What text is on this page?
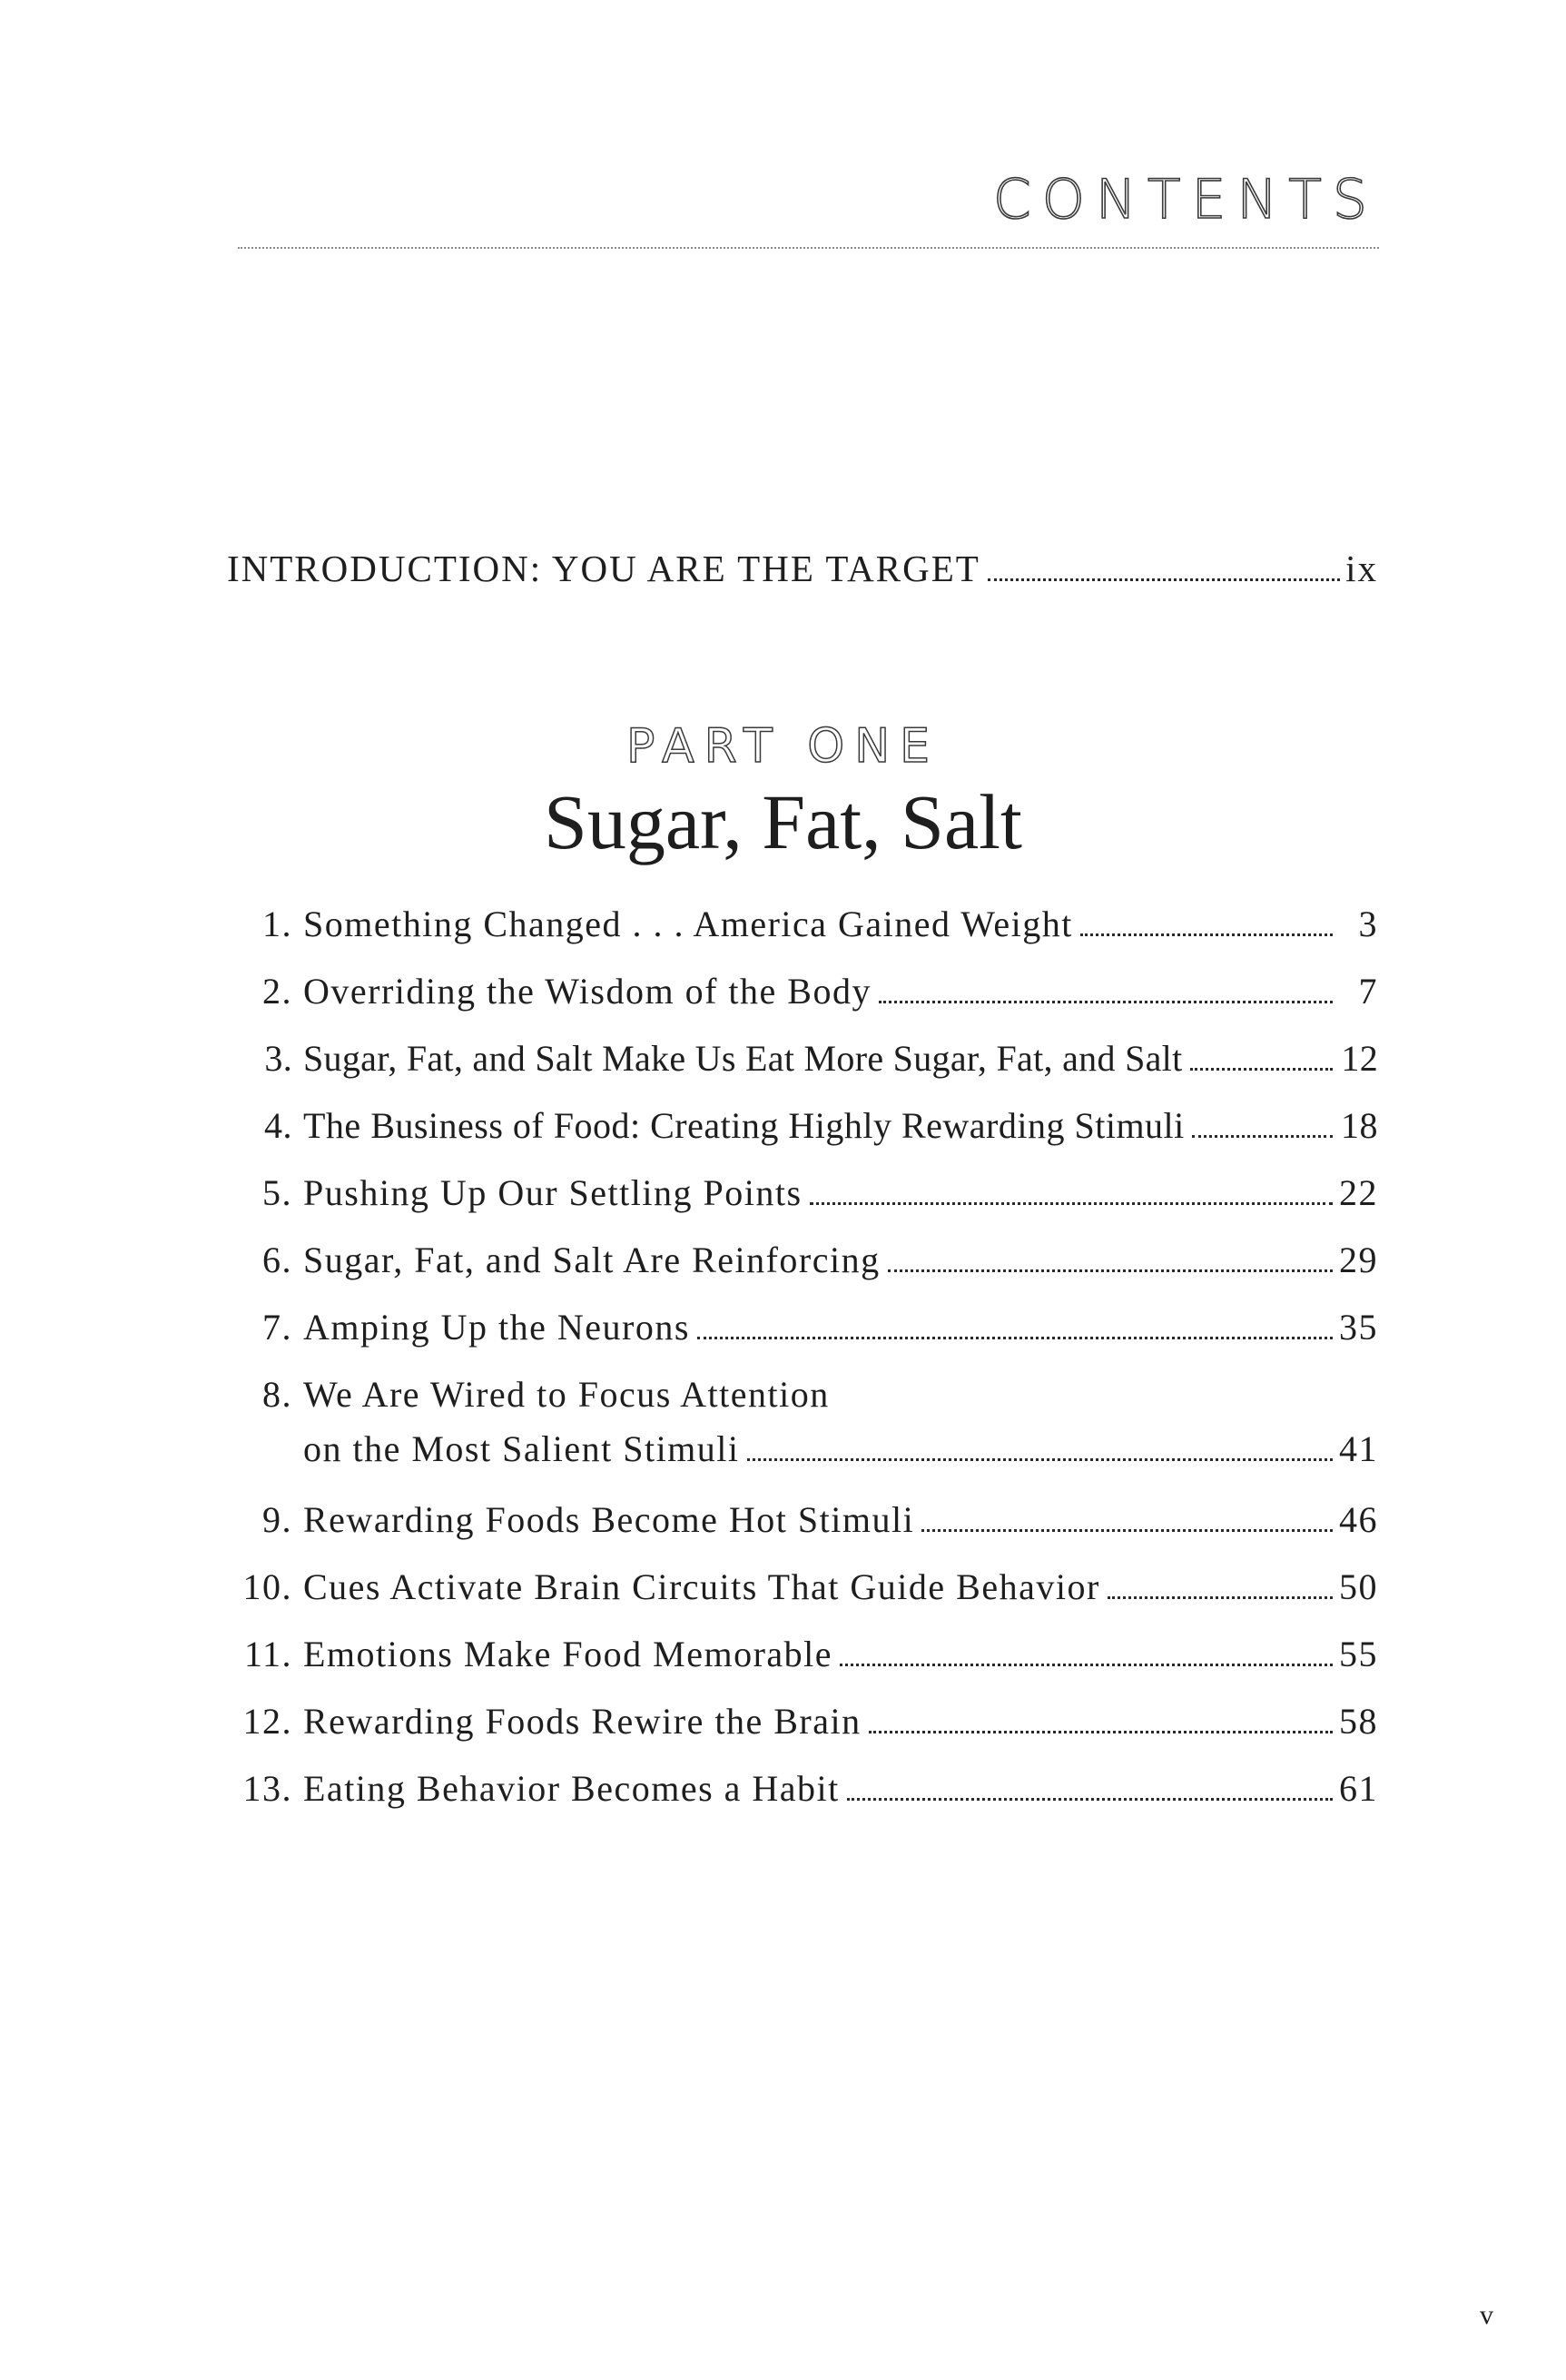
CONTENTS
INTRODUCTION: YOU ARE THE TARGET	ix
PART ONE
Sugar, Fat, Salt
1. Something Changed . . . America Gained Weight	3
2. Overriding the Wisdom of the Body	7
3. Sugar, Fat, and Salt Make Us Eat More Sugar, Fat, and Salt	12
4. The Business of Food: Creating Highly Rewarding Stimuli	18
5. Pushing Up Our Settling Points	22
6. Sugar, Fat, and Salt Are Reinforcing	29
7. Amping Up the Neurons	35
8. We Are Wired to Focus Attention
on the Most Salient Stimuli	41
9. Rewarding Foods Become Hot Stimuli	46
10. Cues Activate Brain Circuits That Guide Behavior	50
11. Emotions Make Food Memorable	55
12. Rewarding Foods Rewire the Brain	58
13. Eating Behavior Becomes a Habit	61
v
